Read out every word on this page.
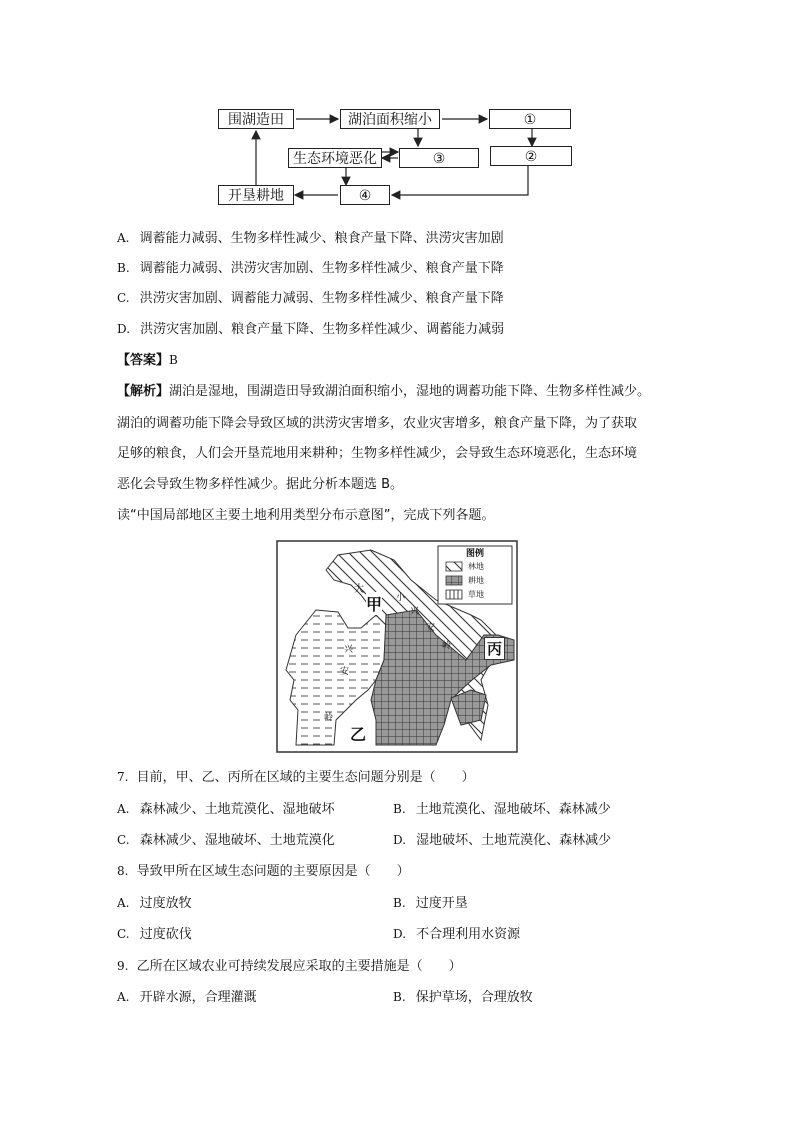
围湖造田	湖泊面积缩小	①
②
生态环境恶化	③
开垦耕地	④
A. 调蓄能力减弱、生物多样性减少、粮食产量下降、洪涝灾害加剧
B. 调蓄能力减弱、洪涝灾害加剧、生物多样性减少、粮食产量下降
C. 洪涝灾害加剧、调蓄能力减弱、生物多样性减少、粮食产量下降
D. 洪涝灾害加剧、粮食产量下降、生物多样性减少、调蓄能力减弱
【答案】B
【解析】湖泊是湿地，围湖造田导致湖泊面积缩小，湿地的调蓄功能下降、生物多样性减少。
湖泊的调蓄功能下降会导致区域的洪涝灾害增多，农业灾害增多，粮食产量下降，为了获取
足够的粮食，人们会开垦荒地用来耕种；生物多样性减少，会导致生态环境恶化，生态环境
恶化会导致生物多样性减少。据此分析本题选 B。
读“中国局部地区主要土地利用类型分布示意图”，完成下列各题。
图例
林地
耕地
草地
甲
乙
丙
大
小
兴
安
岭
兴
安
岭
7. 目前，甲、乙、丙所在区域的主要生态问题分别是（　　）
A. 森林减少、土地荒漠化、湿地破坏	B. 土地荒漠化、湿地破坏、森林减少
C. 森林减少、湿地破坏、土地荒漠化	D. 湿地破坏、土地荒漠化、森林减少
8. 导致甲所在区域生态问题的主要原因是（　　）
A. 过度放牧	B. 过度开垦
C. 过度砍伐	D. 不合理利用水资源
9. 乙所在区域农业可持续发展应采取的主要措施是（　　）
A. 开辟水源，合理灌溉	B. 保护草场，合理放牧
